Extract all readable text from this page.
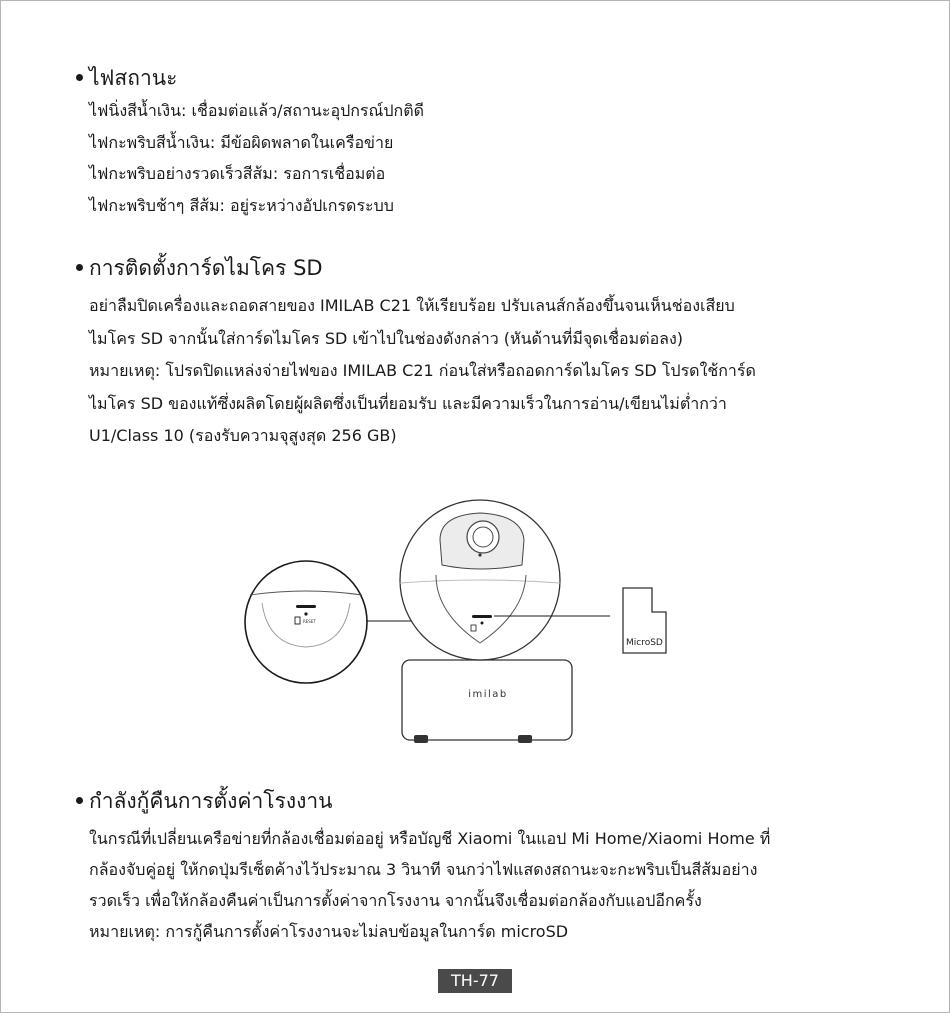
ไฟสถานะ

ไฟนิ่งสีน้ำเงิน: เชื่อมต่อแล้ว/สถานะอุปกรณ์ปกติดี

ไฟกะพริบสีน้ำเงิน: มีข้อผิดพลาดในเครือข่าย

ไฟกะพริบอย่างรวดเร็วสีส้ม: รอการเชื่อมต่อ

ไฟกะพริบช้าๆ สีส้ม: อยู่ระหว่างอัปเกรดระบบ

การติดตั้งการ์ดไมโคร SD

อย่าลืมปิดเครื่องและถอดสายของ IMILAB C21 ให้เรียบร้อย ปรับเลนส์กล้องขึ้นจนเห็นช่องเสียบ

ไมโคร SD จากนั้นใส่การ์ดไมโคร SD เข้าไปในช่องดังกล่าว (หันด้านที่มีจุดเชื่อมต่อลง)

หมายเหตุ: โปรดปิดแหล่งจ่ายไฟของ IMILAB C21 ก่อนใส่หรือถอดการ์ดไมโคร SD โปรดใช้การ์ด

ไมโคร SD ของแท้ซึ่งผลิตโดยผู้ผลิตซึ่งเป็นที่ยอมรับ และมีความเร็วในการอ่าน/เขียนไม่ต่ำกว่า

U1/Class 10 (รองรับความจุสูงสุด 256 GB)

RESET
imilab
MicroSD
กำลังกู้คืนการตั้งค่าโรงงาน

ในกรณีที่เปลี่ยนเครือข่ายที่กล้องเชื่อมต่ออยู่ หรือบัญชี Xiaomi ในแอป Mi Home/Xiaomi Home ที่

กล้องจับคู่อยู่ ให้กดปุ่มรีเซ็ตค้างไว้ประมาณ 3 วินาที จนกว่าไฟแสดงสถานะจะกะพริบเป็นสีส้มอย่าง

รวดเร็ว เพื่อให้กล้องคืนค่าเป็นการตั้งค่าจากโรงงาน จากนั้นจึงเชื่อมต่อกล้องกับแอปอีกครั้ง

หมายเหตุ: การกู้คืนการตั้งค่าโรงงานจะไม่ลบข้อมูลในการ์ด microSD

TH-77
